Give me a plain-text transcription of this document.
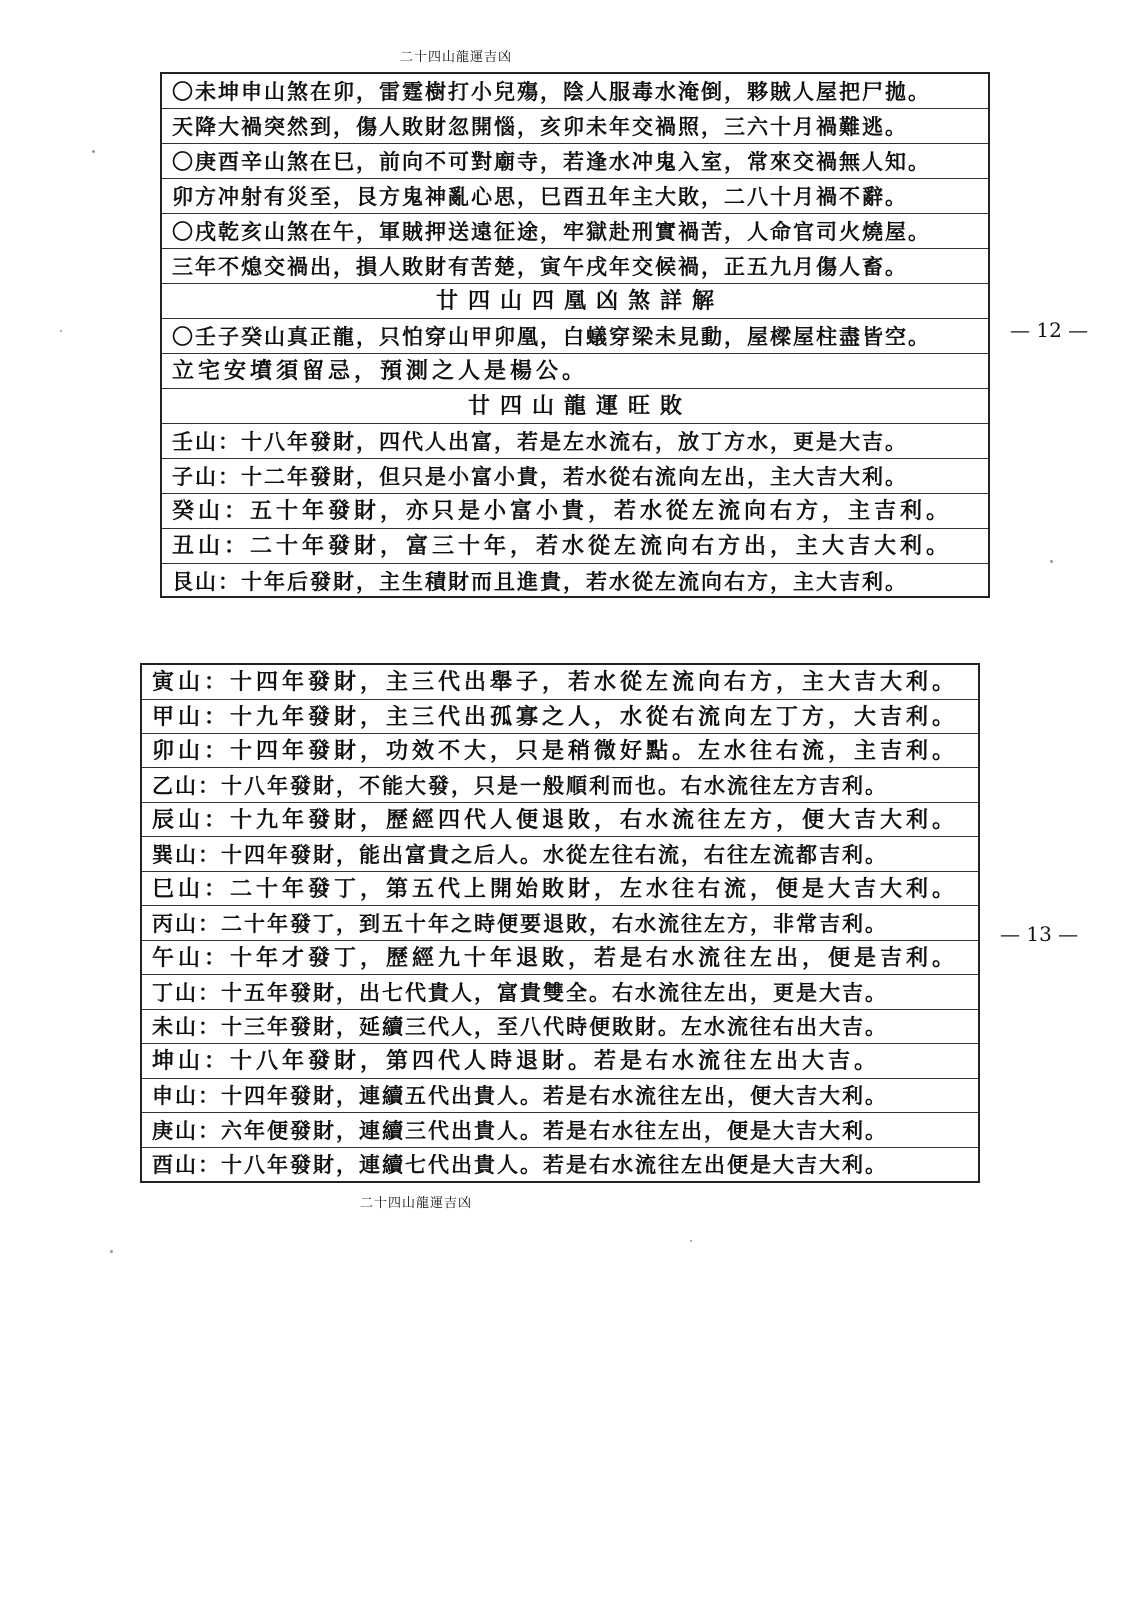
二十四山龍運吉凶
〇未坤申山煞在卯，雷霆樹打小兒殤，陰人服毒水淹倒，夥賊人屋把尸拋。
天降大禍突然到，傷人敗財忽開惱，亥卯未年交禍照，三六十月禍難逃。
〇庚酉辛山煞在巳，前向不可對廟寺，若逢水冲鬼入室，常來交禍無人知。
卯方冲射有災至，艮方鬼神亂心思，巳酉丑年主大敗，二八十月禍不辭。
〇戌乾亥山煞在午，軍賊押送遠征途，牢獄赴刑實禍苦，人命官司火燒屋。
三年不熄交禍出，損人敗財有苦楚，寅午戌年交候禍，正五九月傷人畜。
廿四山四凰凶煞詳解
〇壬子癸山真正龍，只怕穿山甲卯凰，白蟻穿梁未見動，屋樑屋柱盡皆空。
立宅安墳須留忌，預測之人是楊公。
廿四山龍運旺敗
壬山：十八年發財，四代人出富，若是左水流右，放丁方水，更是大吉。
子山：十二年發財，但只是小富小貴，若水從右流向左出，主大吉大利。
癸山：五十年發財，亦只是小富小貴，若水從左流向右方，主吉利。
丑山：二十年發財，富三十年，若水從左流向右方出，主大吉大利。
艮山：十年后發財，主生積財而且進貴，若水從左流向右方，主大吉利。
— 12 —
寅山：十四年發財，主三代出舉子，若水從左流向右方，主大吉大利。
甲山：十九年發財，主三代出孤寡之人，水從右流向左丁方，大吉利。
卯山：十四年發財，功效不大，只是稍微好點。左水往右流，主吉利。
乙山：十八年發財，不能大發，只是一般順利而也。右水流往左方吉利。
辰山：十九年發財，歷經四代人便退敗，右水流往左方，便大吉大利。
巽山：十四年發財，能出富貴之后人。水從左往右流，右往左流都吉利。
巳山：二十年發丁，第五代上開始敗財，左水往右流，便是大吉大利。
丙山：二十年發丁，到五十年之時便要退敗，右水流往左方，非常吉利。
午山：十年才發丁，歷經九十年退敗，若是右水流往左出，便是吉利。
丁山：十五年發財，出七代貴人，富貴雙全。右水流往左出，更是大吉。
未山：十三年發財，延續三代人，至八代時便敗財。左水流往右出大吉。
坤山：十八年發財，第四代人時退財。若是右水流往左出大吉。
申山：十四年發財，連續五代出貴人。若是右水流往左出，便大吉大利。
庚山：六年便發財，連續三代出貴人。若是右水往左出，便是大吉大利。
酉山：十八年發財，連續七代出貴人。若是右水流往左出便是大吉大利。
— 13 —
二十四山龍運吉凶
